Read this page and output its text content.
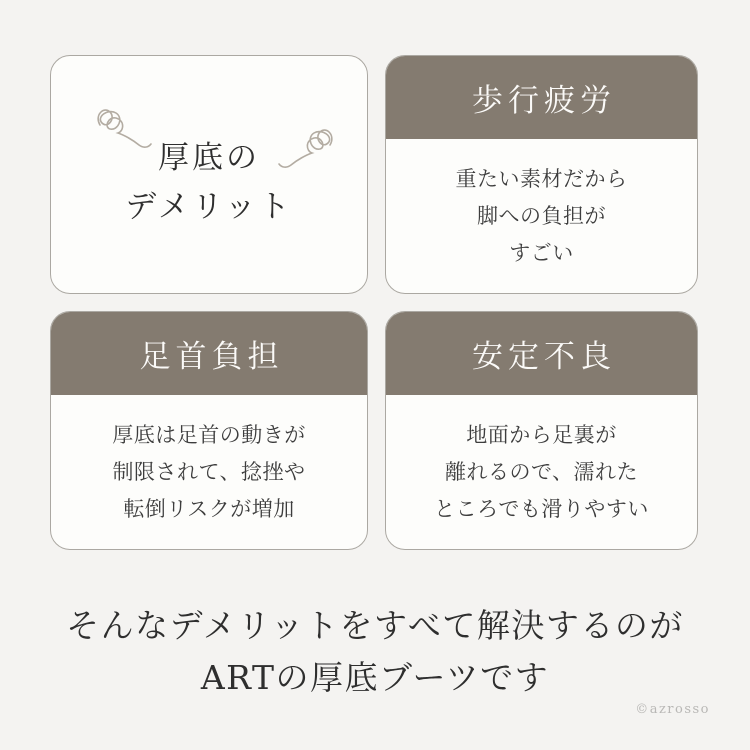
厚底の
デメリット
歩行疲労

重たい素材だから

脚への負担が

すごい

足首負担

厚底は足首の動きが

制限されて、捻挫や

転倒リスクが増加

安定不良

地面から足裏が

離れるので、濡れた

ところでも滑りやすい

そんなデメリットをすべて解決するのが

ARTの厚底ブーツです

©azrosso
